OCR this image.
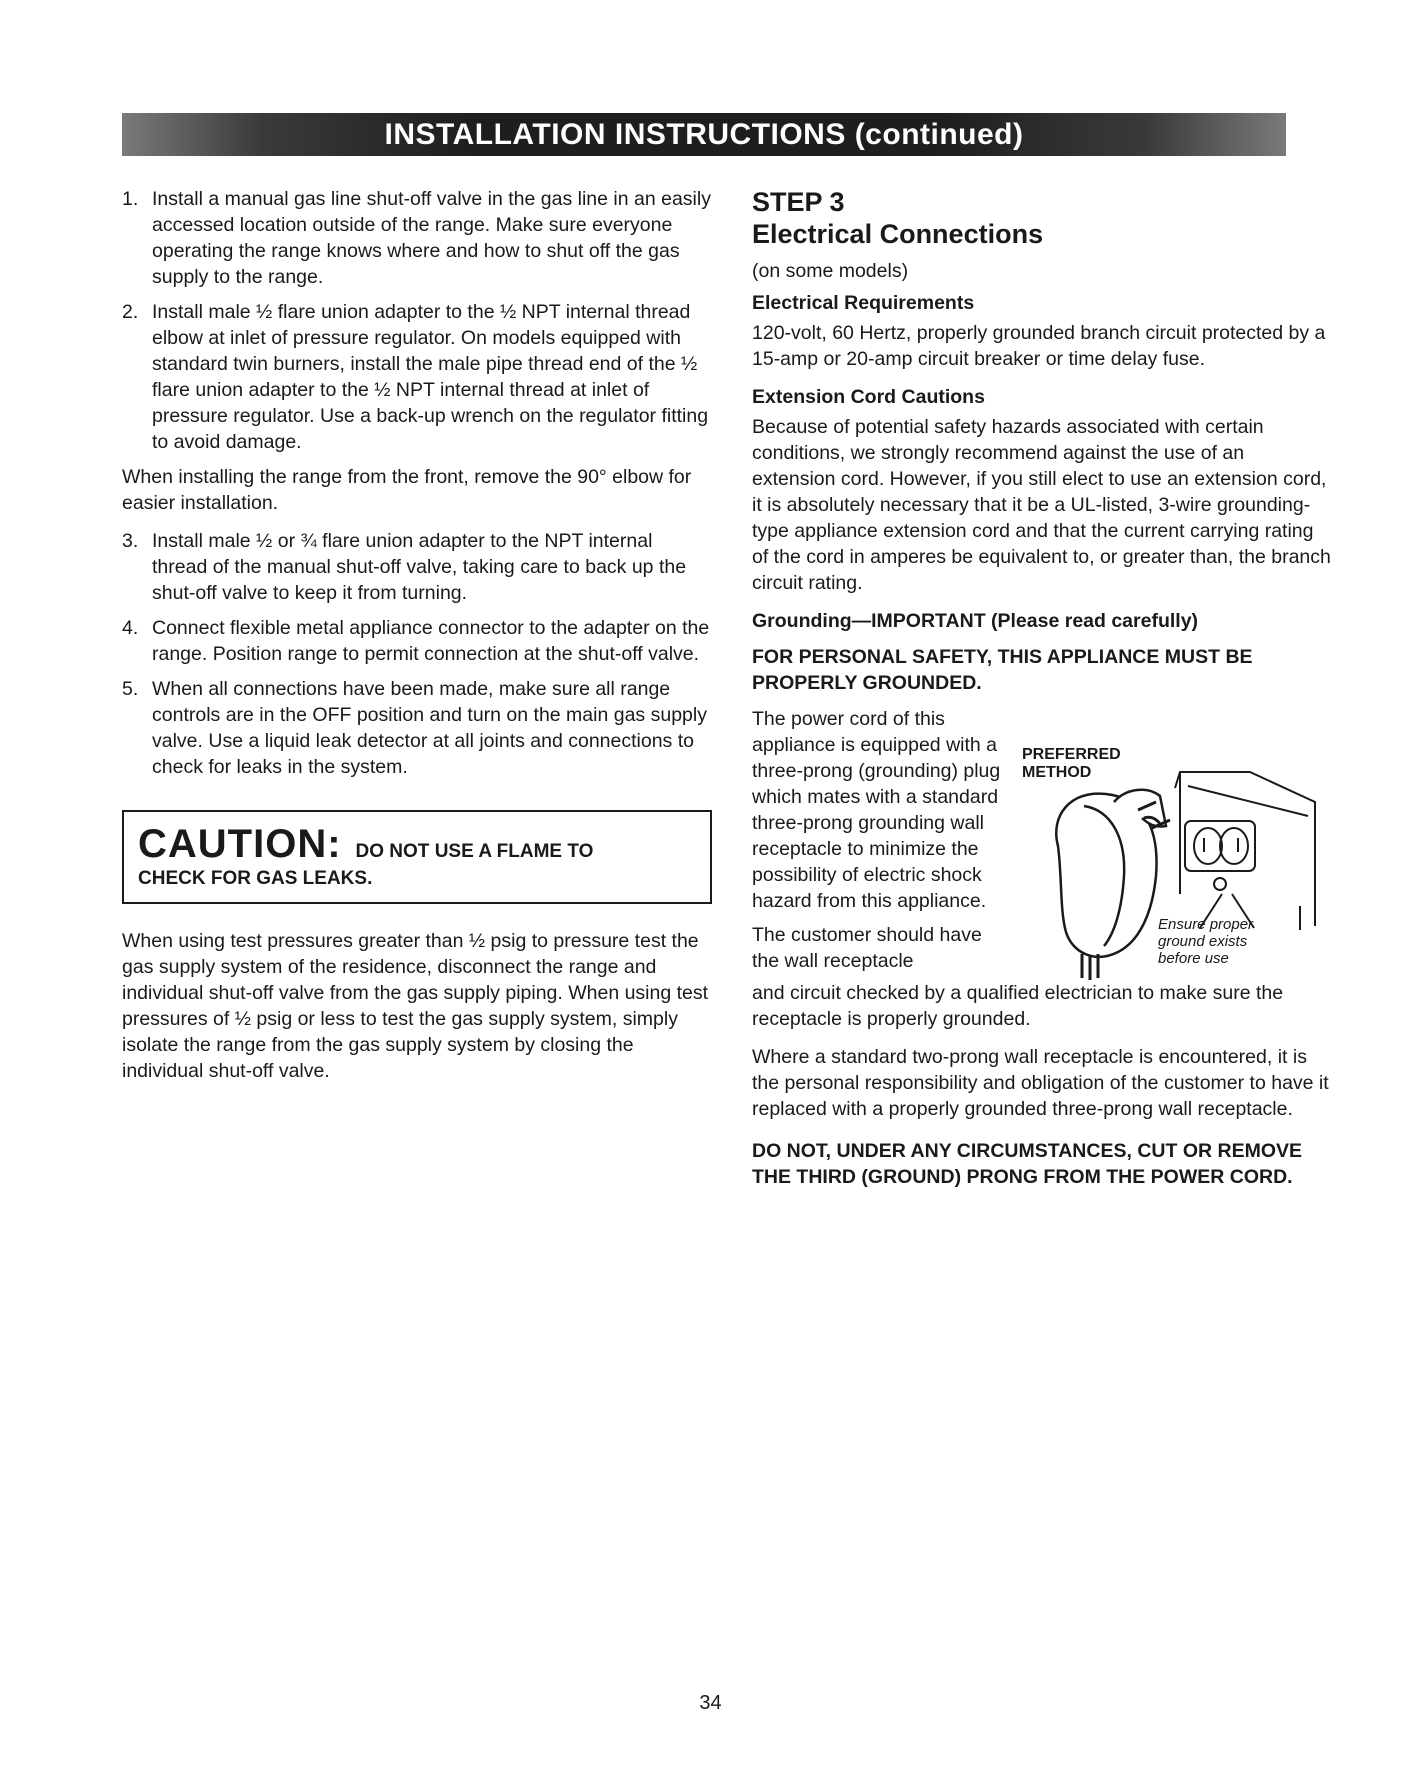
INSTALLATION INSTRUCTIONS (continued)
1. Install a manual gas line shut-off valve in the gas line in an easily accessed location outside of the range. Make sure everyone operating the range knows where and how to shut off the gas supply to the range.
2. Install male ½ flare union adapter to the ½ NPT internal thread elbow at inlet of pressure regulator. On models equipped with standard twin burners, install the male pipe thread end of the ½ flare union adapter to the ½ NPT internal thread at inlet of pressure regulator. Use a back-up wrench on the regulator fitting to avoid damage.

When installing the range from the front, remove the 90° elbow for easier installation.

3. Install male ½ or ¾ flare union adapter to the NPT internal thread of the manual shut-off valve, taking care to back up the shut-off valve to keep it from turning.
4. Connect flexible metal appliance connector to the adapter on the range. Position range to permit connection at the shut-off valve.
5. When all connections have been made, make sure all range controls are in the OFF position and turn on the main gas supply valve. Use a liquid leak detector at all joints and connections to check for leaks in the system.
CAUTION: DO NOT USE A FLAME TO
CHECK FOR GAS LEAKS.

When using test pressures greater than ½ psig to pressure test the gas supply system of the residence, disconnect the range and individual shut-off valve from the gas supply piping. When using test pressures of ½ psig or less to test the gas supply system, simply isolate the range from the gas supply system by closing the individual shut-off valve.

STEP 3
Electrical Connections
(on some models)
Electrical Requirements

120-volt, 60 Hertz, properly grounded branch circuit protected by a 15-amp or 20-amp circuit breaker or time delay fuse.

Extension Cord Cautions

Because of potential safety hazards associated with certain conditions, we strongly recommend against the use of an extension cord. However, if you still elect to use an extension cord, it is absolutely necessary that it be a UL-listed, 3-wire grounding-type appliance extension cord and that the current carrying rating of the cord in amperes be equivalent to, or greater than, the branch circuit rating.

Grounding—IMPORTANT (Please read carefully)

FOR PERSONAL SAFETY, THIS APPLIANCE MUST BE PROPERLY GROUNDED.

The power cord of this appliance is equipped with a three-prong (grounding) plug which mates with a standard three-prong grounding wall receptacle to minimize the possibility of electric shock hazard from this appliance.

The customer should have the wall receptacle

PREFERRED METHOD
Ensure proper ground exists before use

and circuit checked by a qualified electrician to make sure the receptacle is properly grounded.

Where a standard two-prong wall receptacle is encountered, it is the personal responsibility and obligation of the customer to have it replaced with a properly grounded three-prong wall receptacle.

DO NOT, UNDER ANY CIRCUMSTANCES, CUT OR REMOVE THE THIRD (GROUND) PRONG FROM THE POWER CORD.

34
